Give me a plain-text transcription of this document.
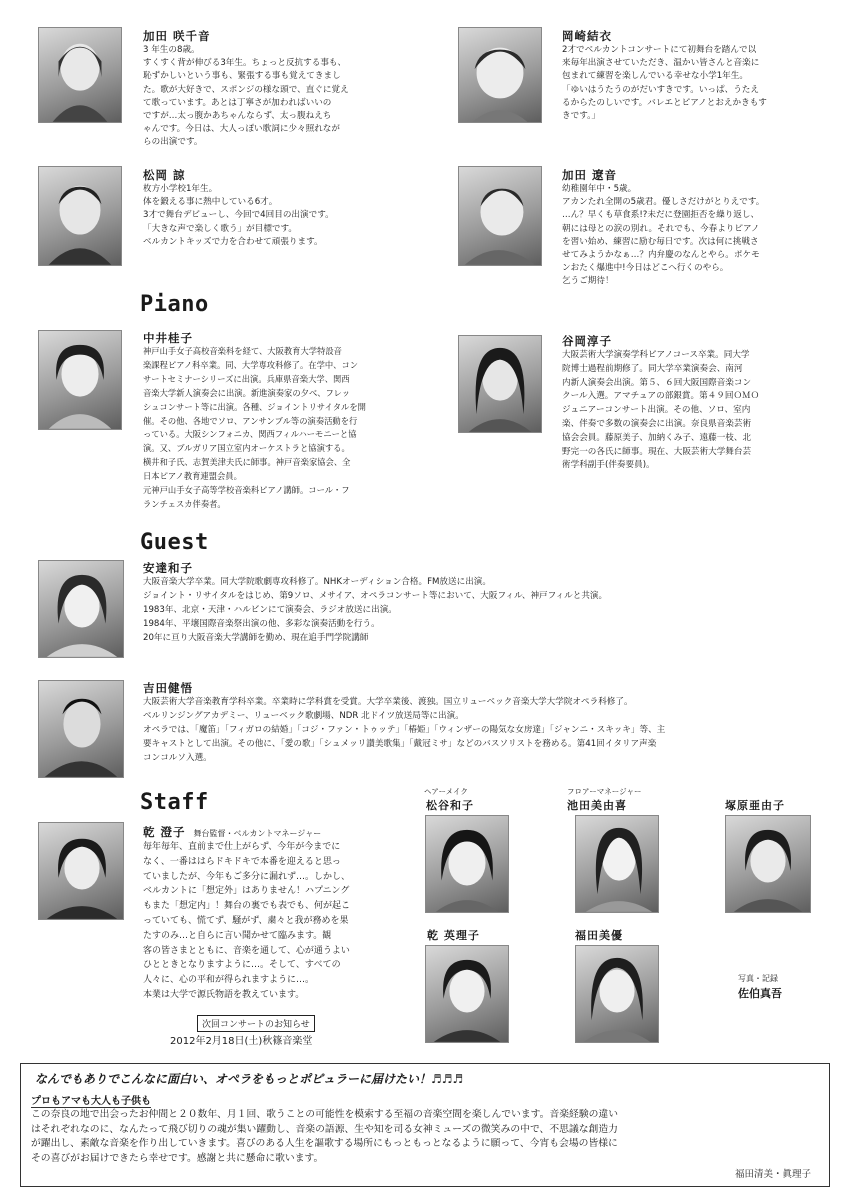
加田 咲千音

3 年生の8歳。

すくすく背が伸びる3年生。ちょっと反抗する事も、

恥ずかしいという事も、緊張する事も覚えてきまし

た。歌が大好きで、スポンジの様な頭で、直ぐに覚え

て歌っています。あとは丁寧さが加わればいいの

ですが…太っ腹かあちゃんならず、太っ腹ねえち

ゃんです。今日は、大人っぽい歌詞に少々照れなが

らの出演です。

松岡 諒

枚方小学校1年生。

体を鍛える事に熱中している6才。

3才で舞台デビューし、今回で4回目の出演です。

「大きな声で楽しく歌う」が目標です。

ベルカントキッズで力を合わせて頑張ります。

岡崎結衣

2才でベルカントコンサートにて初舞台を踏んで以

来毎年出演させていただき、温かい皆さんと音楽に

包まれて練習を楽しんでいる幸せな小学1年生。

「ゆいはうたうのがだいすきです。いっぱ、うたえ

るからたのしいです。バレエとピアノとおえかきもす

きです。」

加田 遼音

幼稚園年中・5歳。

アカンたれ全開の5歳君。優しさだけがとりえです。

…ん？早くも草食系!?未だに登園拒否を繰り返し、

朝には母との涙の別れ。それでも、今春よりピアノ

を習い始め、練習に励む毎日です。次は何に挑戦さ

せてみようかなぁ…？内弁慶のなんとやら。ポケモ

ンおたく爆進中!今日はどこへ行くのやら。

乞うご期待！

Piano
中井桂子

神戸山手女子高校音楽科を経て、大阪教育大学特設音

楽課程ピアノ科卒業。同、大学専攻科修了。在学中、コン

サートセミナーシリーズに出演。兵庫県音楽大学、関西

音楽大学新人演奏会に出演。新進演奏家の夕べ、フレッ

シュコンサート等に出演。各種、ジョイントリサイタルを開

催。その他、各地でソロ、アンサンブル等の演奏活動を行

っている。大阪シンフォニカ、関西フィルハーモニーと協

演。又、ブルガリア国立室内オーケストラと協演する。

横井和子氏、志賀美津夫氏に師事。神戸音楽家協会、全

日本ピアノ教育連盟会員。

元神戸山手女子高等学校音楽科ピアノ講師。コール・フ

ランチェスカ伴奏者。

谷岡淳子

大阪芸術大学演奏学科ピアノコース卒業。同大学

院博士過程前期修了。同大学卒業演奏会、南河

内新人演奏会出演。第５、６回大阪国際音楽コン

クール入選。アマチュアの部銀賞。第４９回ＯＭＯ

ジュニアーコンサート出演。その他、ソロ、室内

楽、伴奏で多数の演奏会に出演。奈良県音楽芸術

協会会員。藤原美子、加納くみ子、遠藤一枝、北

野完一の各氏に師事。現在、大阪芸術大学舞台芸

術学科副手(伴奏要員)。

Guest
安達和子

大阪音楽大学卒業。同大学院歌劇専攻科修了。NHKオーディション合格。FM放送に出演。

ジョイント・リサイタルをはじめ、第9ソロ、メサイア、オペラコンサート等において、大阪フィル、神戸フィルと共演。

1983年、北京・天津・ハルビンにて演奏会、ラジオ放送に出演。

1984年、平壌国際音楽祭出演の他、多彩な演奏活動を行う。

20年に亘り大阪音楽大学講師を勤め、現在追手門学院講師

吉田健悟

大阪芸術大学音楽教育学科卒業。卒業時に学科賞を受賞。大学卒業後、渡独。国立リューベック音楽大学大学院オペラ科修了。

ベルリンジングアカデミー、リューベック歌劇場、NDR 北ドイツ放送局等に出演。

オペラでは、「魔笛」「フィガロの結婚」「コジ・ファン・トゥッテ」「椿姫」「ウィンザーの陽気な女房達」「ジャンニ・スキッキ」等、主

要キャストとして出演。その他に、「愛の歌」「シュメッリ讃美歌集」「戴冠ミサ」などのバスソリストを務める。第41回イタリア声楽

コンコルソ入選。

Staff
乾 澄子 舞台監督・ベルカントマネージャー

毎年毎年、直前まで仕上がらず、今年が今までに

なく、一番ははらドキドキで本番を迎えると思っ

ていましたが、今年もご多分に漏れず…。しかし、

ベルカントに「想定外」はありません！ハプニング

もまた「想定内」！舞台の裏でも表でも、何が起こ

っていても、慌てず、騒がず、粛々と我が務めを果

たすのみ…と自らに言い聞かせて臨みます。観

客の皆さまとともに、音楽を通して、心が通うよい

ひとときとなりますように…。そして、すべての

人々に、心の平和が得られますように…。

本業は大学で源氏物語を教えています。

次回コンサートのお知らせ
2012年2月18日(土)秋篠音楽堂
ヘアーメイク
松谷和子
フロアーマネージャー
池田美由喜	塚原亜由子
乾 英理子	福田美優
写真・記録
佐伯真吾
なんでもありでこんなに面白い、オペラをもっとポピュラーに届けたい！♬♬♬
プロもアマも大人も子供も

この奈良の地で出会ったお仲間と２０数年、月１回、歌うことの可能性を模索する至福の音楽空間を楽しんでいます。音楽経験の違い

はそれぞれなのに、なんたって飛び切りの魂が集い躍動し、音楽の語源、生や知を司る女神ミューズの微笑みの中で、不思議な創造力

が躍出し、素敵な音楽を作り出していきます。喜びのある人生を謳歌する場所にもっともっとなるように願って、今宵も会場の皆様に

その喜びがお届けできたら幸せです。感謝と共に懸命に歌います。

福田清美・眞理子
